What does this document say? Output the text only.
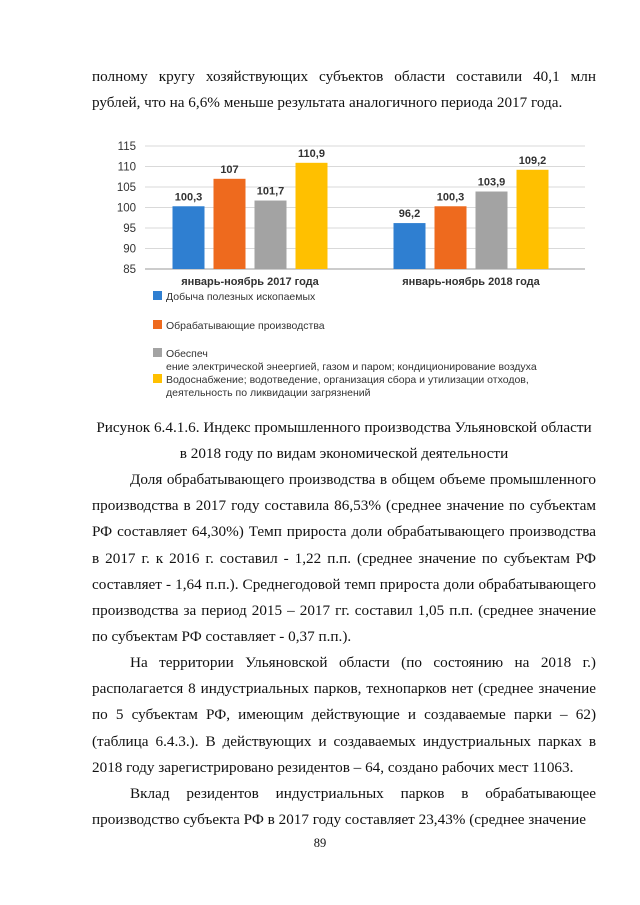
полному кругу хозяйствующих субъектов области составили 40,1 млн рублей, что на 6,6% меньше результата аналогичного периода 2017 года.

85
90
95
100
105
110
115
100,3
107
101,7
110,9
96,2
100,3
103,9
109,2
январь-ноябрь 2017 года	январь-ноябрь 2018 года
Добыча полезных ископаемых
Обрабатывающие производства
Обеспеч
ение электрической энеергией, газом и паром; кондиционирование воздуха
Водоснабжение; водотведение, организация сбора и утилизации отходов,
деятельность по ликвидации загрязнений

Рисунок 6.4.1.6. Индекс промышленного производства Ульяновской области

в 2018 году по видам экономической деятельности

Доля обрабатывающего производства в общем объеме промышленного производства в 2017 году составила 86,53% (среднее значение по субъектам РФ составляет 64,30%) Темп прироста доли обрабатывающего производства в 2017 г. к 2016 г. составил - 1,22 п.п. (среднее значение по субъектам РФ составляет - 1,64 п.п.). Среднегодовой темп прироста доли обрабатывающего производства за период 2015 – 2017 гг. составил 1,05 п.п. (среднее значение по субъектам РФ составляет - 0,37 п.п.).

На территории Ульяновской области (по состоянию на 2018 г.) располагается 8 индустриальных парков, технопарков нет (среднее значение по 5 субъектам РФ, имеющим действующие и создаваемые парки – 62) (таблица 6.4.3.). В действующих и создаваемых индустриальных парках в 2018 году зарегистрировано резидентов – 64, создано рабочих мест 11063.

Вклад резидентов индустриальных парков в обрабатывающее производство субъекта РФ в 2017 году составляет 23,43% (среднее значение

89
